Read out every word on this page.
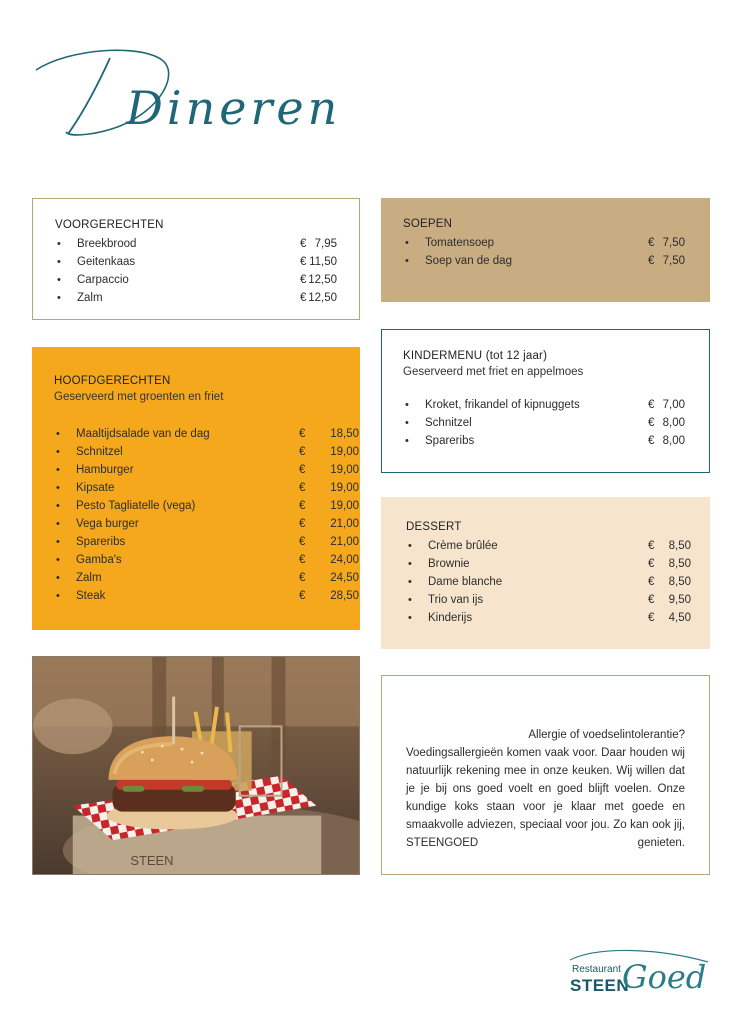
Dineren
VOORGERECHTEN
• Breekbrood	€ 7,95
• Geitenkaas	€ 11,50
• Carpaccio	€ 12,50
• Zalm	€ 12,50
SOEPEN
• Tomatensoep	€ 7,50
• Soep van de dag	€ 7,50
HOOFDGERECHTEN

Geserveerd met groenten en friet

• Maaltijdsalade van de dag	€	18,50
• Schnitzel	€	19,00
• Hamburger	€	19,00
• Kipsate	€	19,00
• Pesto Tagliatelle (vega)	€	19,00
• Vega burger	€	21,00
• Spareribs	€	21,00
• Gamba's	€	24,00
• Zalm	€	24,50
• Steak	€	28,50
KINDERMENU (tot 12 jaar)

Geserveerd met friet en appelmoes

• Kroket, frikandel of kipnuggets	€ 7,00
• Schnitzel	€ 8,00
• Spareribs	€ 8,00
DESSERT
• Crème brûlée	€	8,50
• Brownie	€	8,50
• Dame blanche	€	8,50
• Trio van ijs	€	9,50
• Kinderijs	€	4,50
STEEN
Allergie of voedselintolerantie?
Voedingsallergieën komen vaak voor. Daar houden wij natuurlijk rekening mee in onze keuken. Wij willen dat je je bij ons goed voelt en goed blijft voelen. Onze kundige koks staan voor je klaar met goede en smaakvolle adviezen, speciaal voor jou. Zo kan ook jij, STEENGOED genieten.
Restaurant
STEEN
Goed
